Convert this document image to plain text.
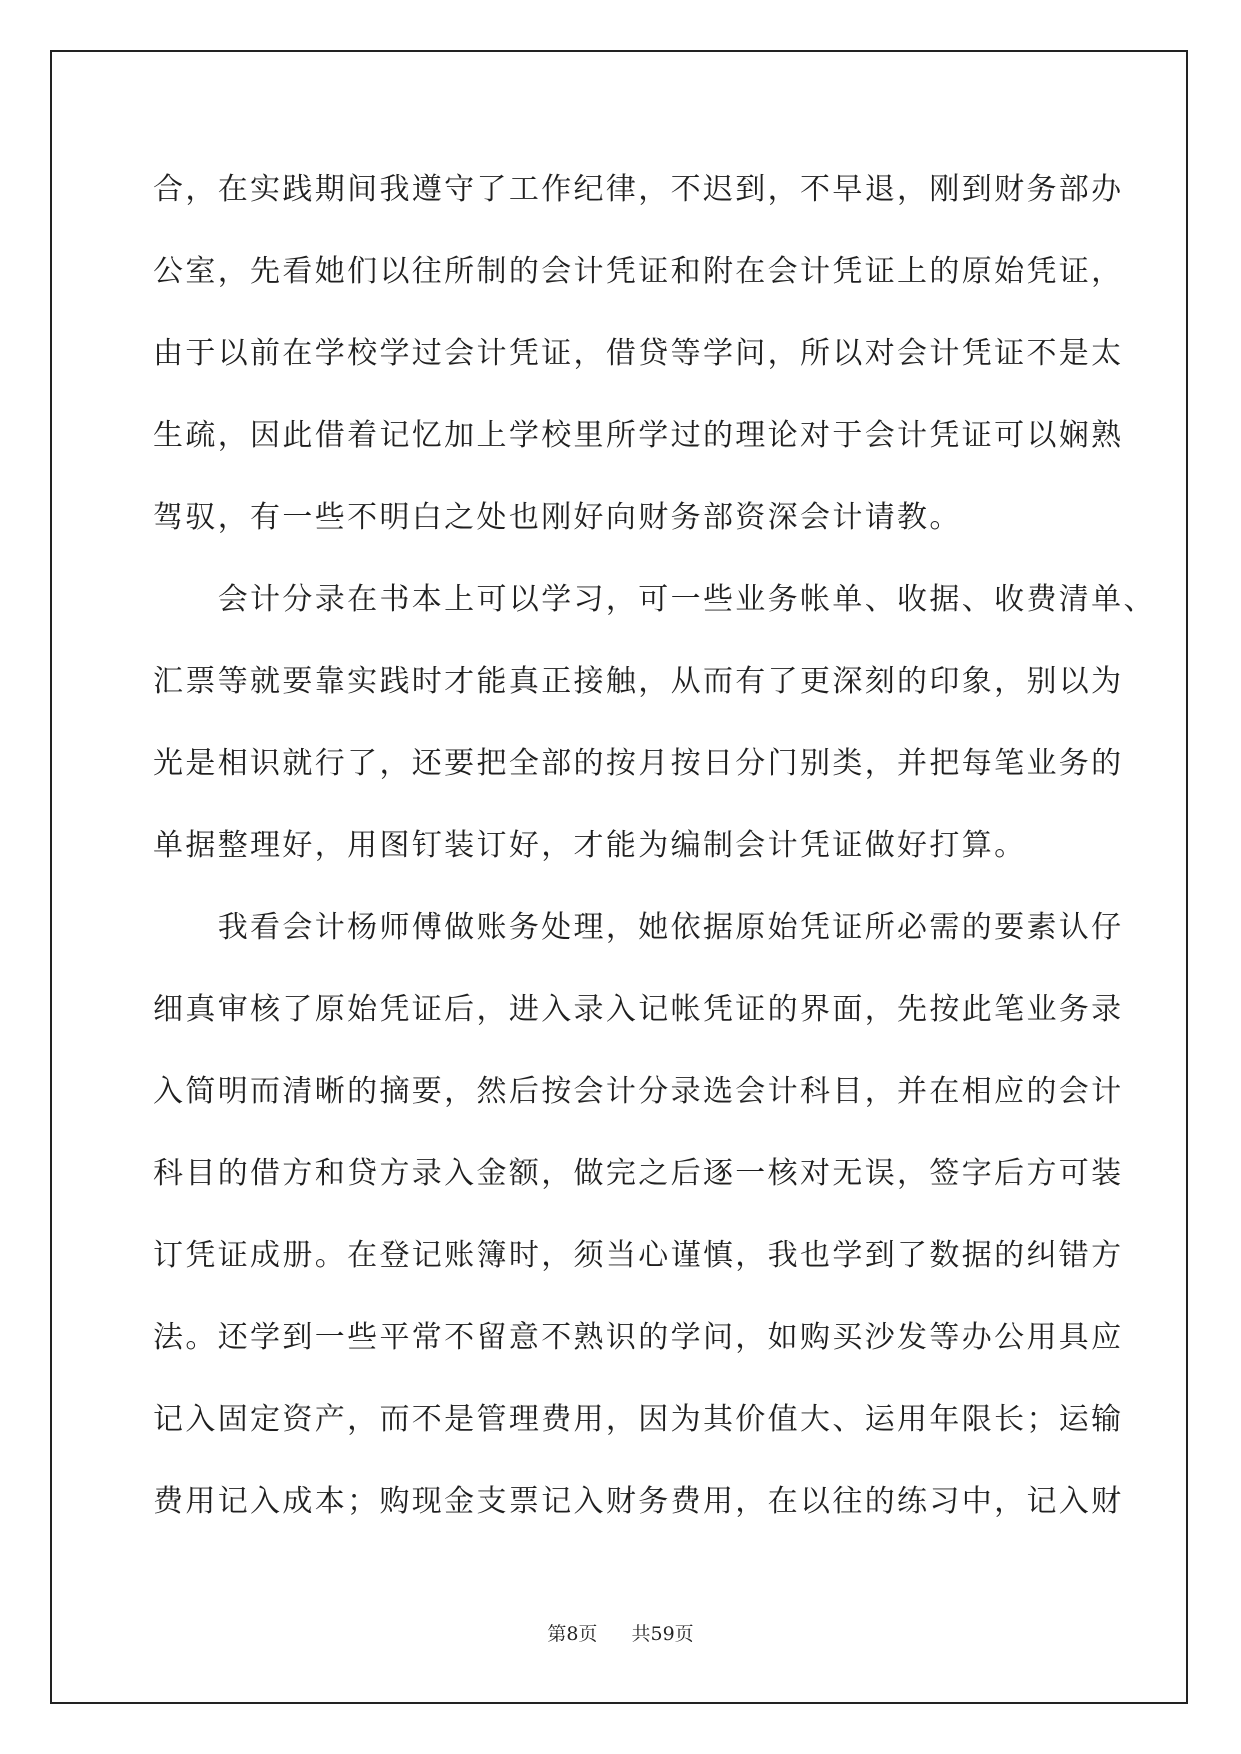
合，在实践期间我遵守了工作纪律，不迟到，不早退，刚到财务部办
公室，先看她们以往所制的会计凭证和附在会计凭证上的原始凭证，
由于以前在学校学过会计凭证，借贷等学问，所以对会计凭证不是太
生疏，因此借着记忆加上学校里所学过的理论对于会计凭证可以娴熟
驾驭，有一些不明白之处也刚好向财务部资深会计请教。
　　会计分录在书本上可以学习，可一些业务帐单、收据、收费清单、
汇票等就要靠实践时才能真正接触，从而有了更深刻的印象，别以为
光是相识就行了，还要把全部的按月按日分门别类，并把每笔业务的
单据整理好，用图钉装订好，才能为编制会计凭证做好打算。
　　我看会计杨师傅做账务处理，她依据原始凭证所必需的要素认仔
细真审核了原始凭证后，进入录入记帐凭证的界面，先按此笔业务录
入简明而清晰的摘要，然后按会计分录选会计科目，并在相应的会计
科目的借方和贷方录入金额，做完之后逐一核对无误，签字后方可装
订凭证成册。在登记账簿时，须当心谨慎，我也学到了数据的纠错方
法。还学到一些平常不留意不熟识的学问，如购买沙发等办公用具应
记入固定资产，而不是管理费用，因为其价值大、运用年限长；运输
费用记入成本；购现金支票记入财务费用，在以往的练习中，记入财
第8页 共59页
